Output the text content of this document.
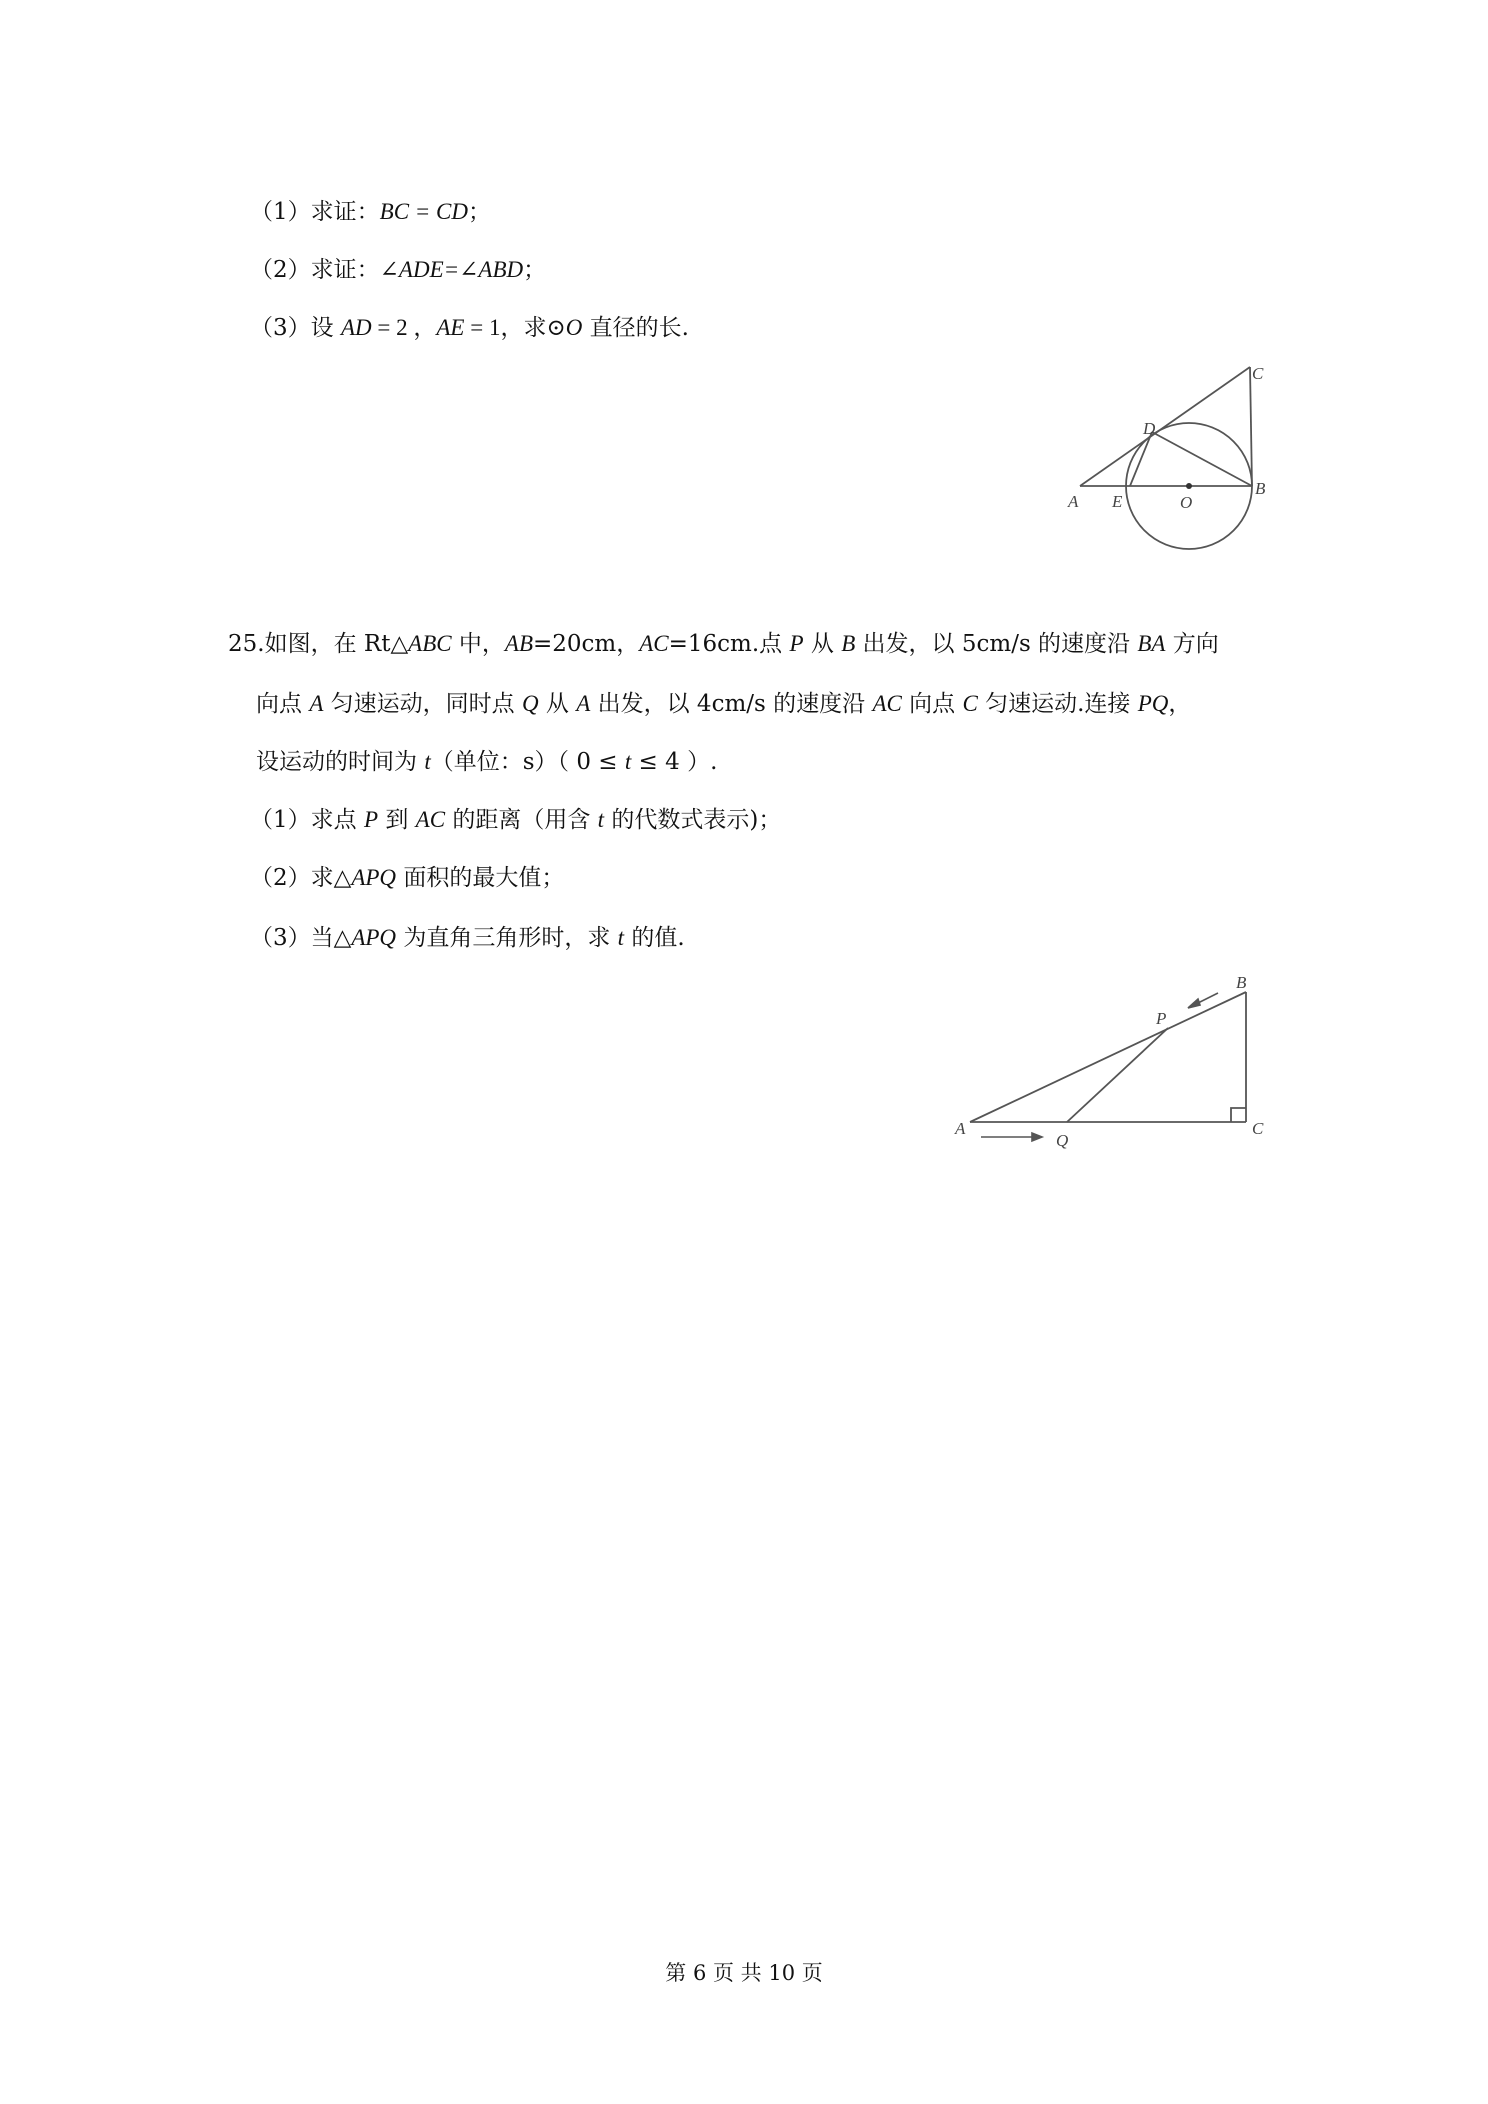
（1）求证：BC = CD；
（2）求证：∠ADE=∠ABD；
（3）设 AD = 2 ，AE = 1，求⊙O 直径的长.
A E	O
B
D
C
25.如图，在 Rt△ABC 中，AB=20cm，AC=16cm.点 P 从 B 出发，以 5cm/s 的速度沿 BA 方向
向点 A 匀速运动，同时点 Q 从 A 出发，以 4cm/s 的速度沿 AC 向点 C 匀速运动.连接 PQ，
设运动的时间为 t（单位：s）（ 0 ≤ t ≤ 4 ）.
（1）求点 P 到 AC 的距离（用含 t 的代数式表示)；
（2）求△APQ 面积的最大值；
（3）当△APQ 为直角三角形时，求 t 的值.
A
Q
C
P
B
第 6 页 共 10 页
